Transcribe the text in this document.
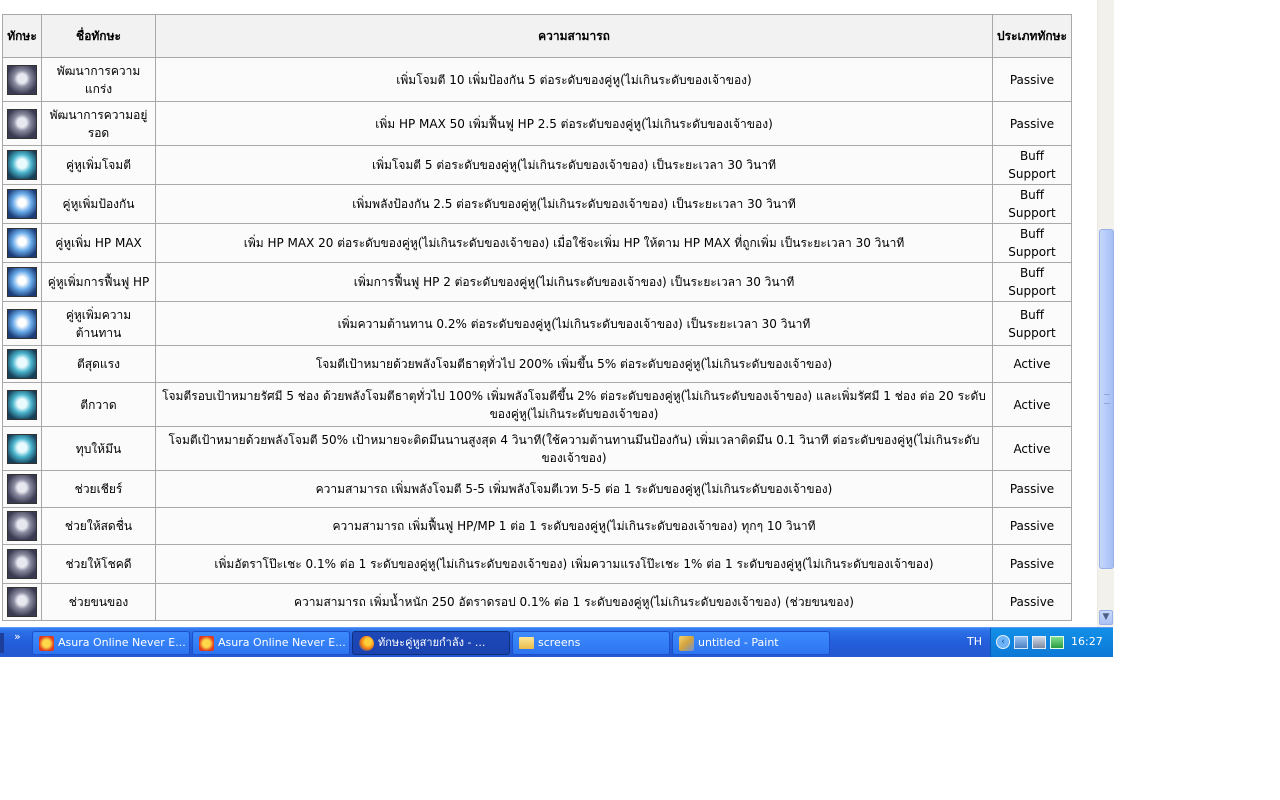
ทักษะ	ชื่อทักษะ	ความสามารถ	ประเภททักษะ
	พัฒนาการความแกร่ง	เพิ่มโจมตี 10 เพิ่มป้องกัน 5 ต่อระดับของคู่หู(ไม่เกินระดับของเจ้าของ)	Passive
	พัฒนาการความอยู่รอด	เพิ่ม HP MAX 50 เพิ่มฟื้นฟู HP 2.5 ต่อระดับของคู่หู(ไม่เกินระดับของเจ้าของ)	Passive
	คู่หูเพิ่มโจมตี	เพิ่มโจมตี 5 ต่อระดับของคู่หู(ไม่เกินระดับของเจ้าของ) เป็นระยะเวลา 30 วินาที	Buff Support
	คู่หูเพิ่มป้องกัน	เพิ่มพลังป้องกัน 2.5 ต่อระดับของคู่หู(ไม่เกินระดับของเจ้าของ) เป็นระยะเวลา 30 วินาที	Buff Support
	คู่หูเพิ่ม HP MAX	เพิ่ม HP MAX 20 ต่อระดับของคู่หู(ไม่เกินระดับของเจ้าของ) เมื่อใช้จะเพิ่ม HP ให้ตาม HP MAX ที่ถูกเพิ่ม เป็นระยะเวลา 30 วินาที	Buff Support
	คู่หูเพิ่มการฟื้นฟู HP	เพิ่มการฟื้นฟู HP 2 ต่อระดับของคู่หู(ไม่เกินระดับของเจ้าของ) เป็นระยะเวลา 30 วินาที	Buff Support
	คู่หูเพิ่มความต้านทาน	เพิ่มความต้านทาน 0.2% ต่อระดับของคู่หู(ไม่เกินระดับของเจ้าของ) เป็นระยะเวลา 30 วินาที	Buff Support
	ตีสุดแรง	โจมตีเป้าหมายด้วยพลังโจมตีธาตุทั่วไป 200% เพิ่มขึ้น 5% ต่อระดับของคู่หู(ไม่เกินระดับของเจ้าของ)	Active
	ตีกวาด	โจมตีรอบเป้าหมายรัศมี 5 ช่อง ด้วยพลังโจมตีธาตุทั่วไป 100% เพิ่มพลังโจมตีขึ้น 2% ต่อระดับของคู่หู(ไม่เกินระดับของเจ้าของ) และเพิ่มรัศมี 1 ช่อง ต่อ 20 ระดับของคู่หู(ไม่เกินระดับของเจ้าของ)	Active
	ทุบให้มึน	โจมตีเป้าหมายด้วยพลังโจมตี 50% เป้าหมายจะติดมึนนานสูงสุด 4 วินาที(ใช้ความต้านทานมึนป้องกัน) เพิ่มเวลาติดมึน 0.1 วินาที ต่อระดับของคู่หู(ไม่เกินระดับของเจ้าของ)	Active
	ช่วยเชียร์	ความสามารถ เพิ่มพลังโจมตี 5-5 เพิ่มพลังโจมตีเวท 5-5 ต่อ 1 ระดับของคู่หู(ไม่เกินระดับของเจ้าของ)	Passive
	ช่วยให้สดชื่น	ความสามารถ เพิ่มฟื้นฟู HP/MP 1 ต่อ 1 ระดับของคู่หู(ไม่เกินระดับของเจ้าของ) ทุกๆ 10 วินาที	Passive
	ช่วยให้โชคดี	เพิ่มอัตราโป๊ะเชะ 0.1% ต่อ 1 ระดับของคู่หู(ไม่เกินระดับของเจ้าของ) เพิ่มความแรงโป๊ะเชะ 1% ต่อ 1 ระดับของคู่หู(ไม่เกินระดับของเจ้าของ)	Passive
	ช่วยขนของ	ความสามารถ เพิ่มน้ำหนัก 250 อัตราดรอป 0.1% ต่อ 1 ระดับของคู่หู(ไม่เกินระดับของเจ้าของ) (ช่วยขนของ)	Passive
▼
»	Asura Online Never E...	Asura Online Never E...	ทักษะคู่หูสายกำลัง - ...	screens	untitled - Paint	TH	‹	16:27
